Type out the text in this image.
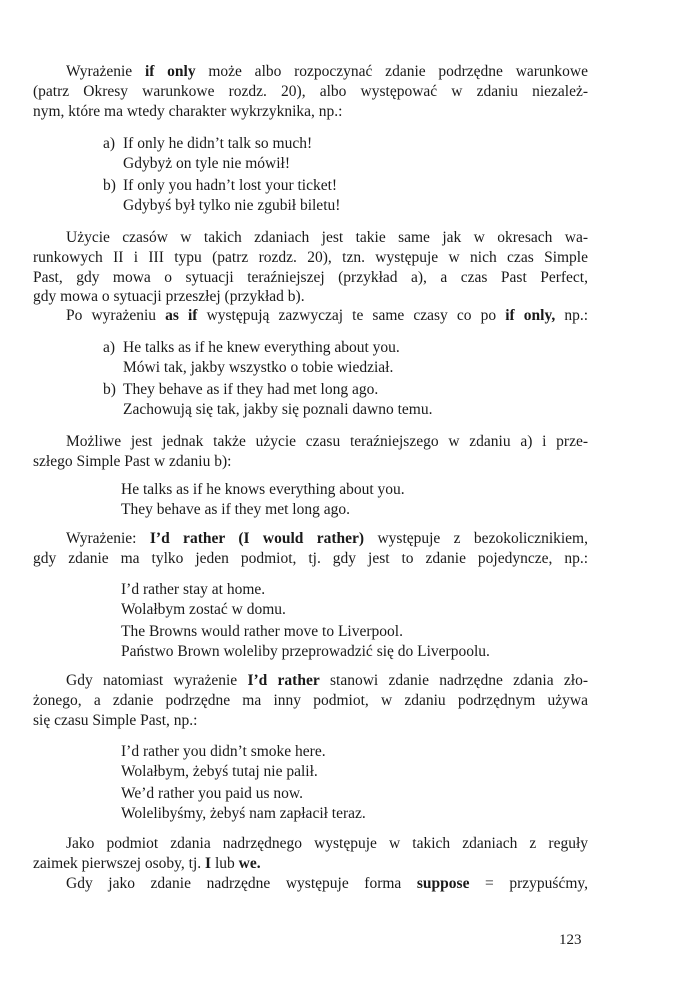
Wyrażenie if only może albo rozpoczynać zdanie podrzędne warunkowe
(patrz Okresy warunkowe rozdz. 20), albo występować w zdaniu niezależ-
nym, które ma wtedy charakter wykrzyknika, np.:
a) If only he didn’t talk so much!
Gdybyż on tyle nie mówił!
b) If only you hadn’t lost your ticket!
Gdybyś był tylko nie zgubił biletu!
Użycie czasów w takich zdaniach jest takie same jak w okresach wa-
runkowych II i III typu (patrz rozdz. 20), tzn. występuje w nich czas Simple
Past, gdy mowa o sytuacji teraźniejszej (przykład a), a czas Past Perfect,
gdy mowa o sytuacji przeszłej (przykład b).
Po wyrażeniu as if występują zazwyczaj te same czasy co po if only, np.:
a) He talks as if he knew everything about you.
Mówi tak, jakby wszystko o tobie wiedział.
b) They behave as if they had met long ago.
Zachowują się tak, jakby się poznali dawno temu.
Możliwe jest jednak także użycie czasu teraźniejszego w zdaniu a) i prze-
szłego Simple Past w zdaniu b):
He talks as if he knows everything about you.
They behave as if they met long ago.
Wyrażenie: I’d rather (I would rather) występuje z bezokolicznikiem,
gdy zdanie ma tylko jeden podmiot, tj. gdy jest to zdanie pojedyncze, np.:
I’d rather stay at home.
Wolałbym zostać w domu.
The Browns would rather move to Liverpool.
Państwo Brown woleliby przeprowadzić się do Liverpoolu.
Gdy natomiast wyrażenie I’d rather stanowi zdanie nadrzędne zdania zło-
żonego, a zdanie podrzędne ma inny podmiot, w zdaniu podrzędnym używa
się czasu Simple Past, np.:
I’d rather you didn’t smoke here.
Wolałbym, żebyś tutaj nie palił.
We’d rather you paid us now.
Wolelibyśmy, żebyś nam zapłacił teraz.
Jako podmiot zdania nadrzędnego występuje w takich zdaniach z reguły
zaimek pierwszej osoby, tj. I lub we.
Gdy jako zdanie nadrzędne występuje forma suppose = przypuśćmy,
123
